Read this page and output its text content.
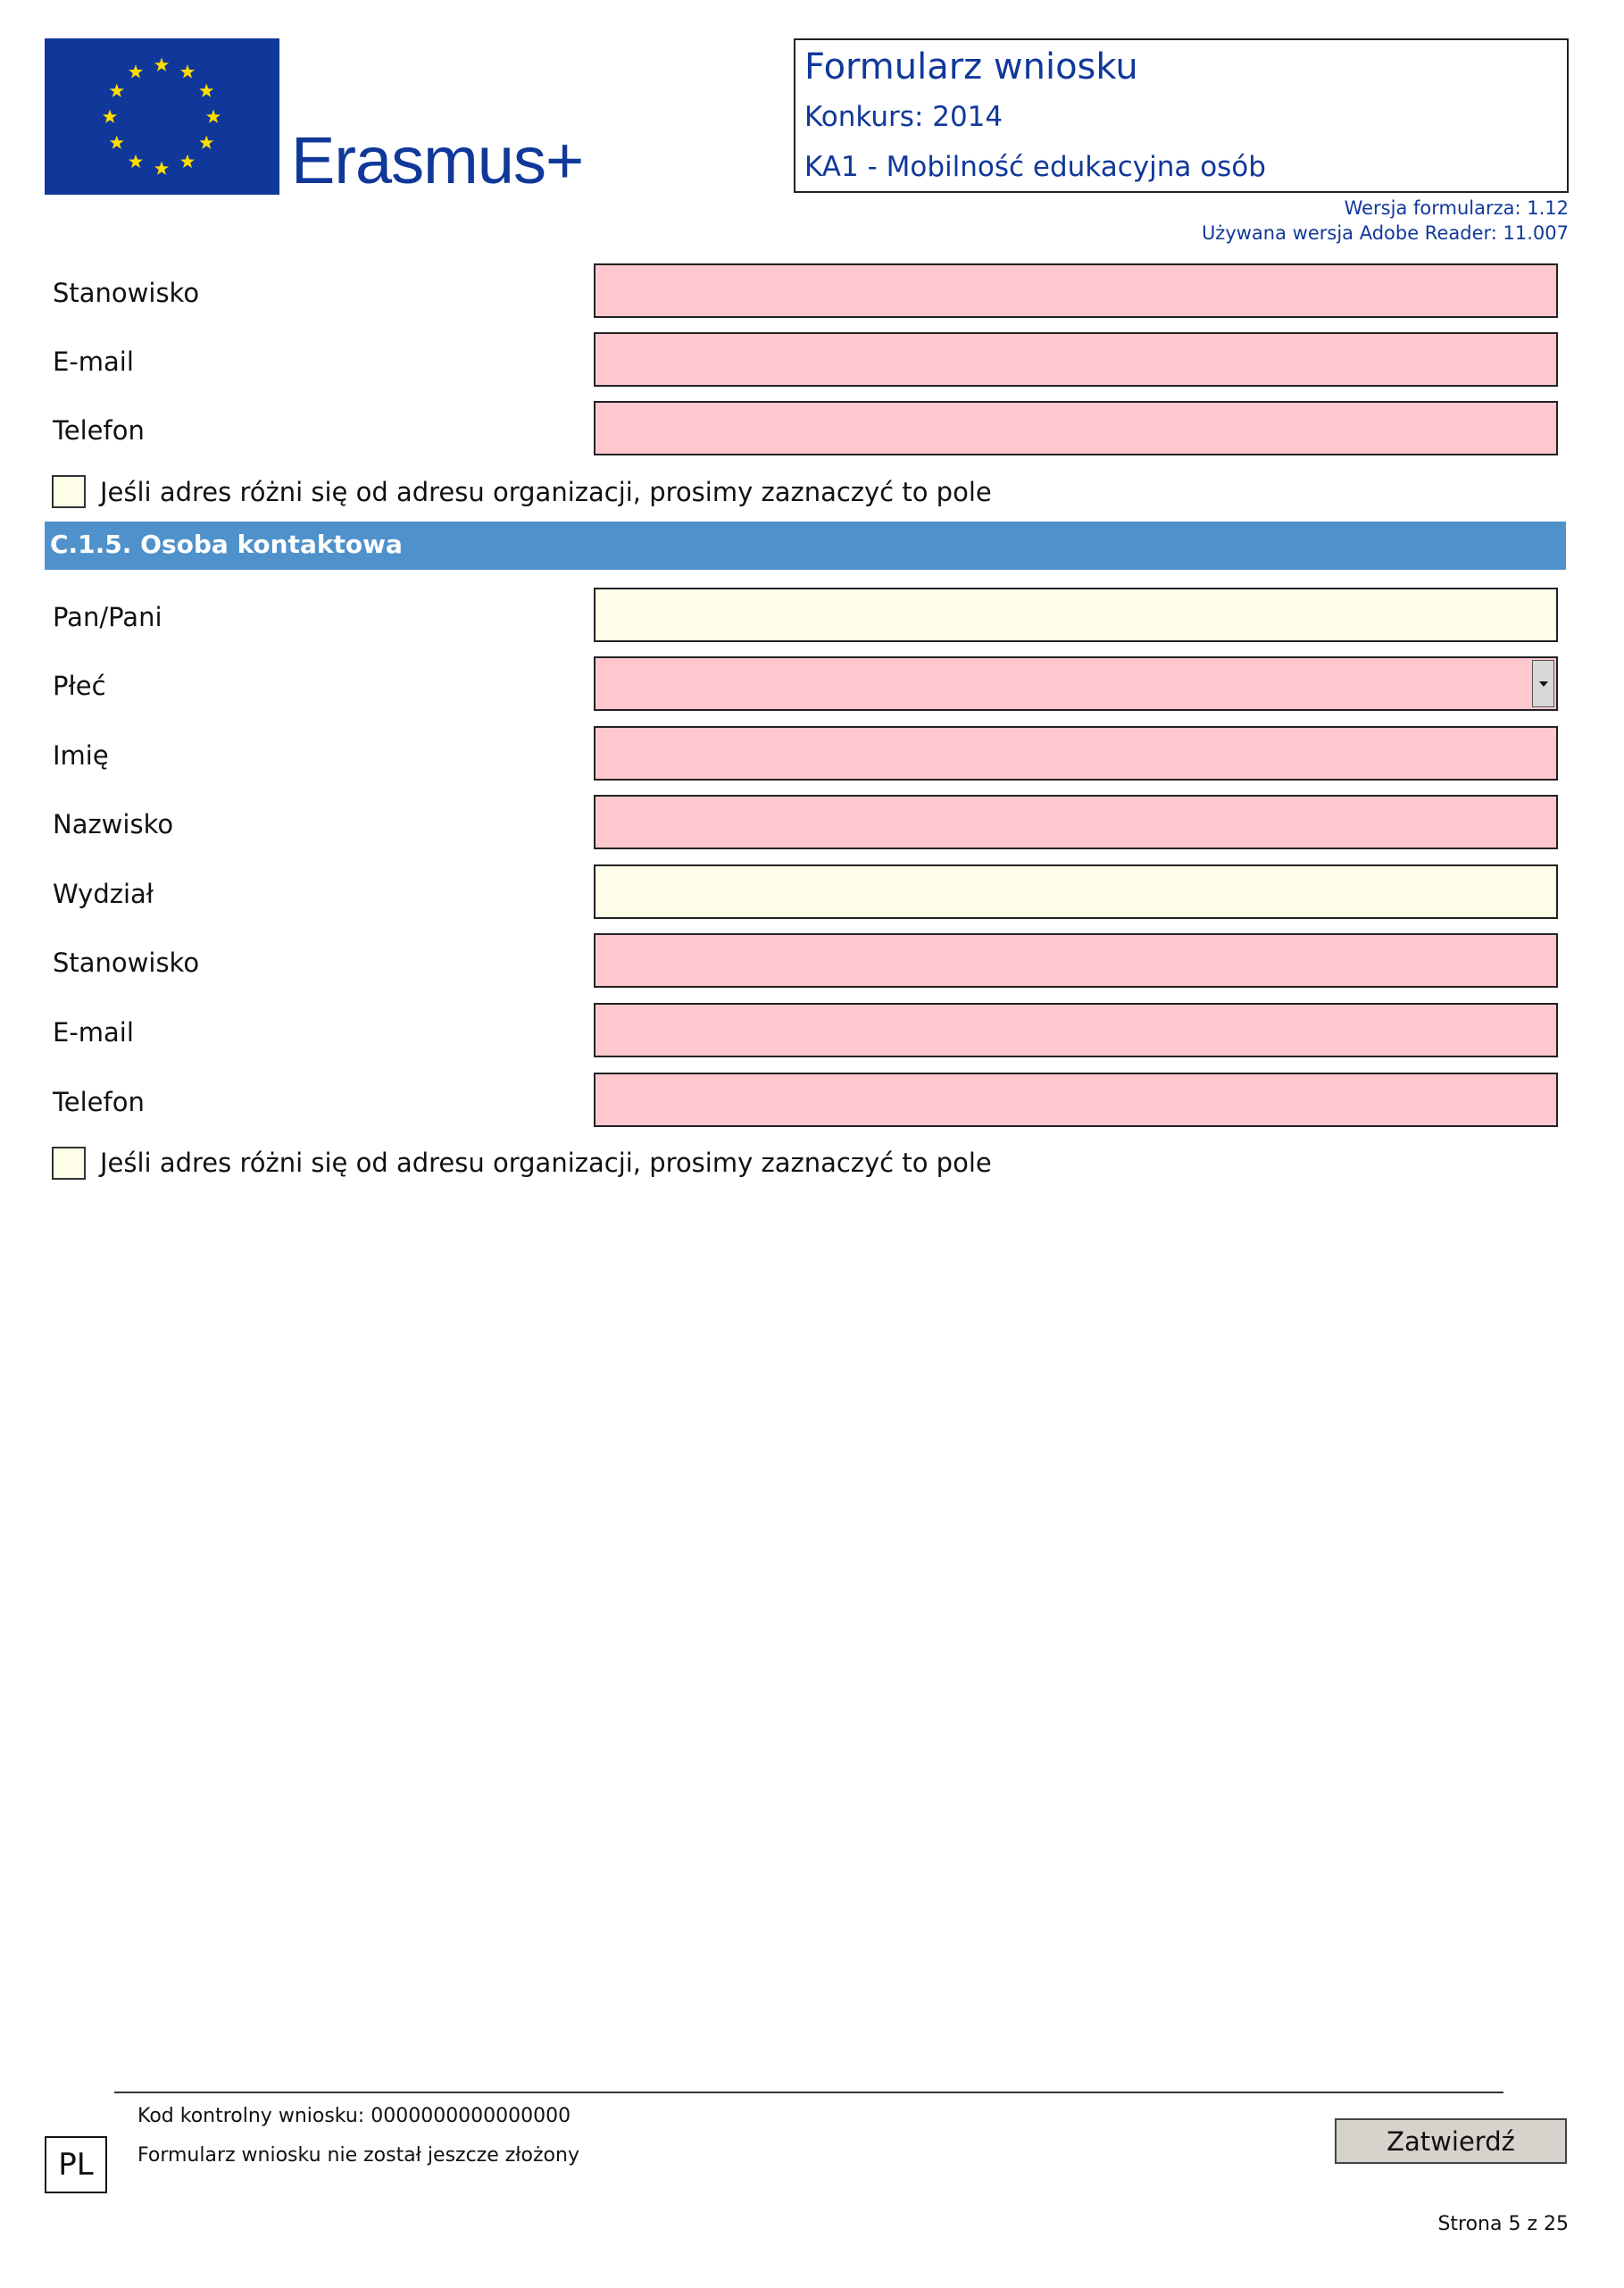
Erasmus+
Formularz wniosku
Konkurs: 2014
KA1 - Mobilność edukacyjna osób
Wersja formularza: 1.12
Używana wersja Adobe Reader: 11.007
Stanowisko
E-mail
Telefon
Jeśli adres różni się od adresu organizacji, prosimy zaznaczyć to pole
C.1.5. Osoba kontaktowa
Pan/Pani
Płeć
Imię
Nazwisko
Wydział
Stanowisko
E-mail
Telefon
Jeśli adres różni się od adresu organizacji, prosimy zaznaczyć to pole
Kod kontrolny wniosku: 0000000000000000
Formularz wniosku nie został jeszcze złożony
PL
Zatwierdź
Strona 5 z 25
